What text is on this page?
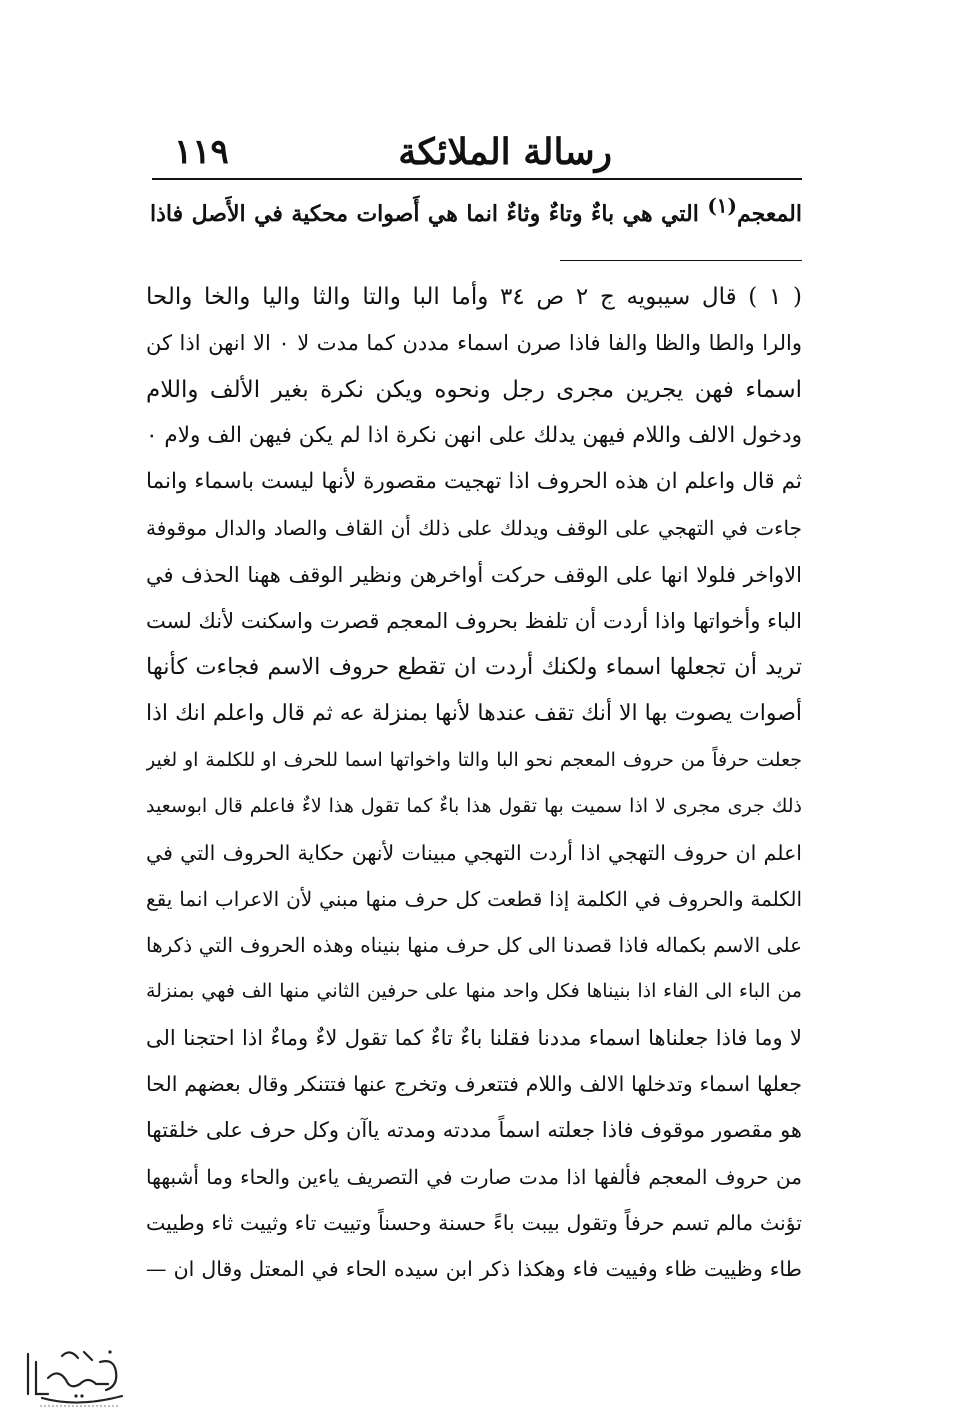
رسالة الملائكة
١١٩
المعجم(١) التي هي باءٌ وتاءٌ وثاءٌ انما هي أَصوات محكية في الأَصل فاذا
( ١ ) قال سيبويه ج ٢ ص ٣٤ وأما البا والتا والثا واليا والخا والحا
والرا والطا والظا والفا فاذا صرن اسماء مددن كما مدت لا ٠ الا انهن اذا كن
اسماء فهن يجرين مجرى رجل ونحوه ويكن نكرة بغير الألف واللام
ودخول الالف واللام فيهن يدلك على انهن نكرة اذا لم يكن فيهن الف ولام ٠
ثم قال واعلم ان هذه الحروف اذا تهجيت مقصورة لأنها ليست باسماء وانما
جاءت في التهجي على الوقف ويدلك على ذلك أن القاف والصاد والدال موقوفة
الاواخر فلولا انها على الوقف حركت أواخرهن ونظير الوقف ههنا الحذف في
الباء وأخواتها واذا أردت أن تلفظ بحروف المعجم قصرت واسكنت لأنك لست
تريد أن تجعلها اسماء ولكنك أردت ان تقطع حروف الاسم فجاءت كأنها
أصوات يصوت بها الا أنك تقف عندها لأنها بمنزلة عه ثم قال واعلم انك اذا
جعلت حرفاً من حروف المعجم نحو البا والتا واخواتها اسما للحرف او للكلمة او لغير
ذلك جرى مجرى لا اذا سميت بها تقول هذا باءٌ كما تقول هذا لاءٌ فاعلم قال ابوسعيد
اعلم ان حروف التهجي اذا أردت التهجي مبينات لأنهن حكاية الحروف التي في
الكلمة والحروف في الكلمة إذا قطعت كل حرف منها مبني لأن الاعراب انما يقع
على الاسم بكماله فاذا قصدنا الى كل حرف منها بنيناه وهذه الحروف التي ذكرها
من الباء الى الفاء اذا بنيناها فكل واحد منها على حرفين الثاني منها الف فهي بمنزلة
لا وما فاذا جعلناها اسماء مددنا فقلنا باءٌ تاءٌ كما تقول لاءٌ وماءٌ اذا احتجنا الى
جعلها اسماء وتدخلها الالف واللام فتتعرف وتخرج عنها فتتنكر وقال بعضهم الحا
هو مقصور موقوف فاذا جعلته اسماً مددته ومدته ياآن وكل حرف على خلقتها
من حروف المعجم فألفها اذا مدت صارت في التصريف ياءين والحاء وما أشبهها
تؤنث مالم تسم حرفاً وتقول بيبت باءً حسنة وحسناً وتييت تاء وثييت ثاء وطييت
طاء وظييت ظاء وفييت فاء وهكذا ذكر ابن سيده الحاء في المعتل وقال ان —
